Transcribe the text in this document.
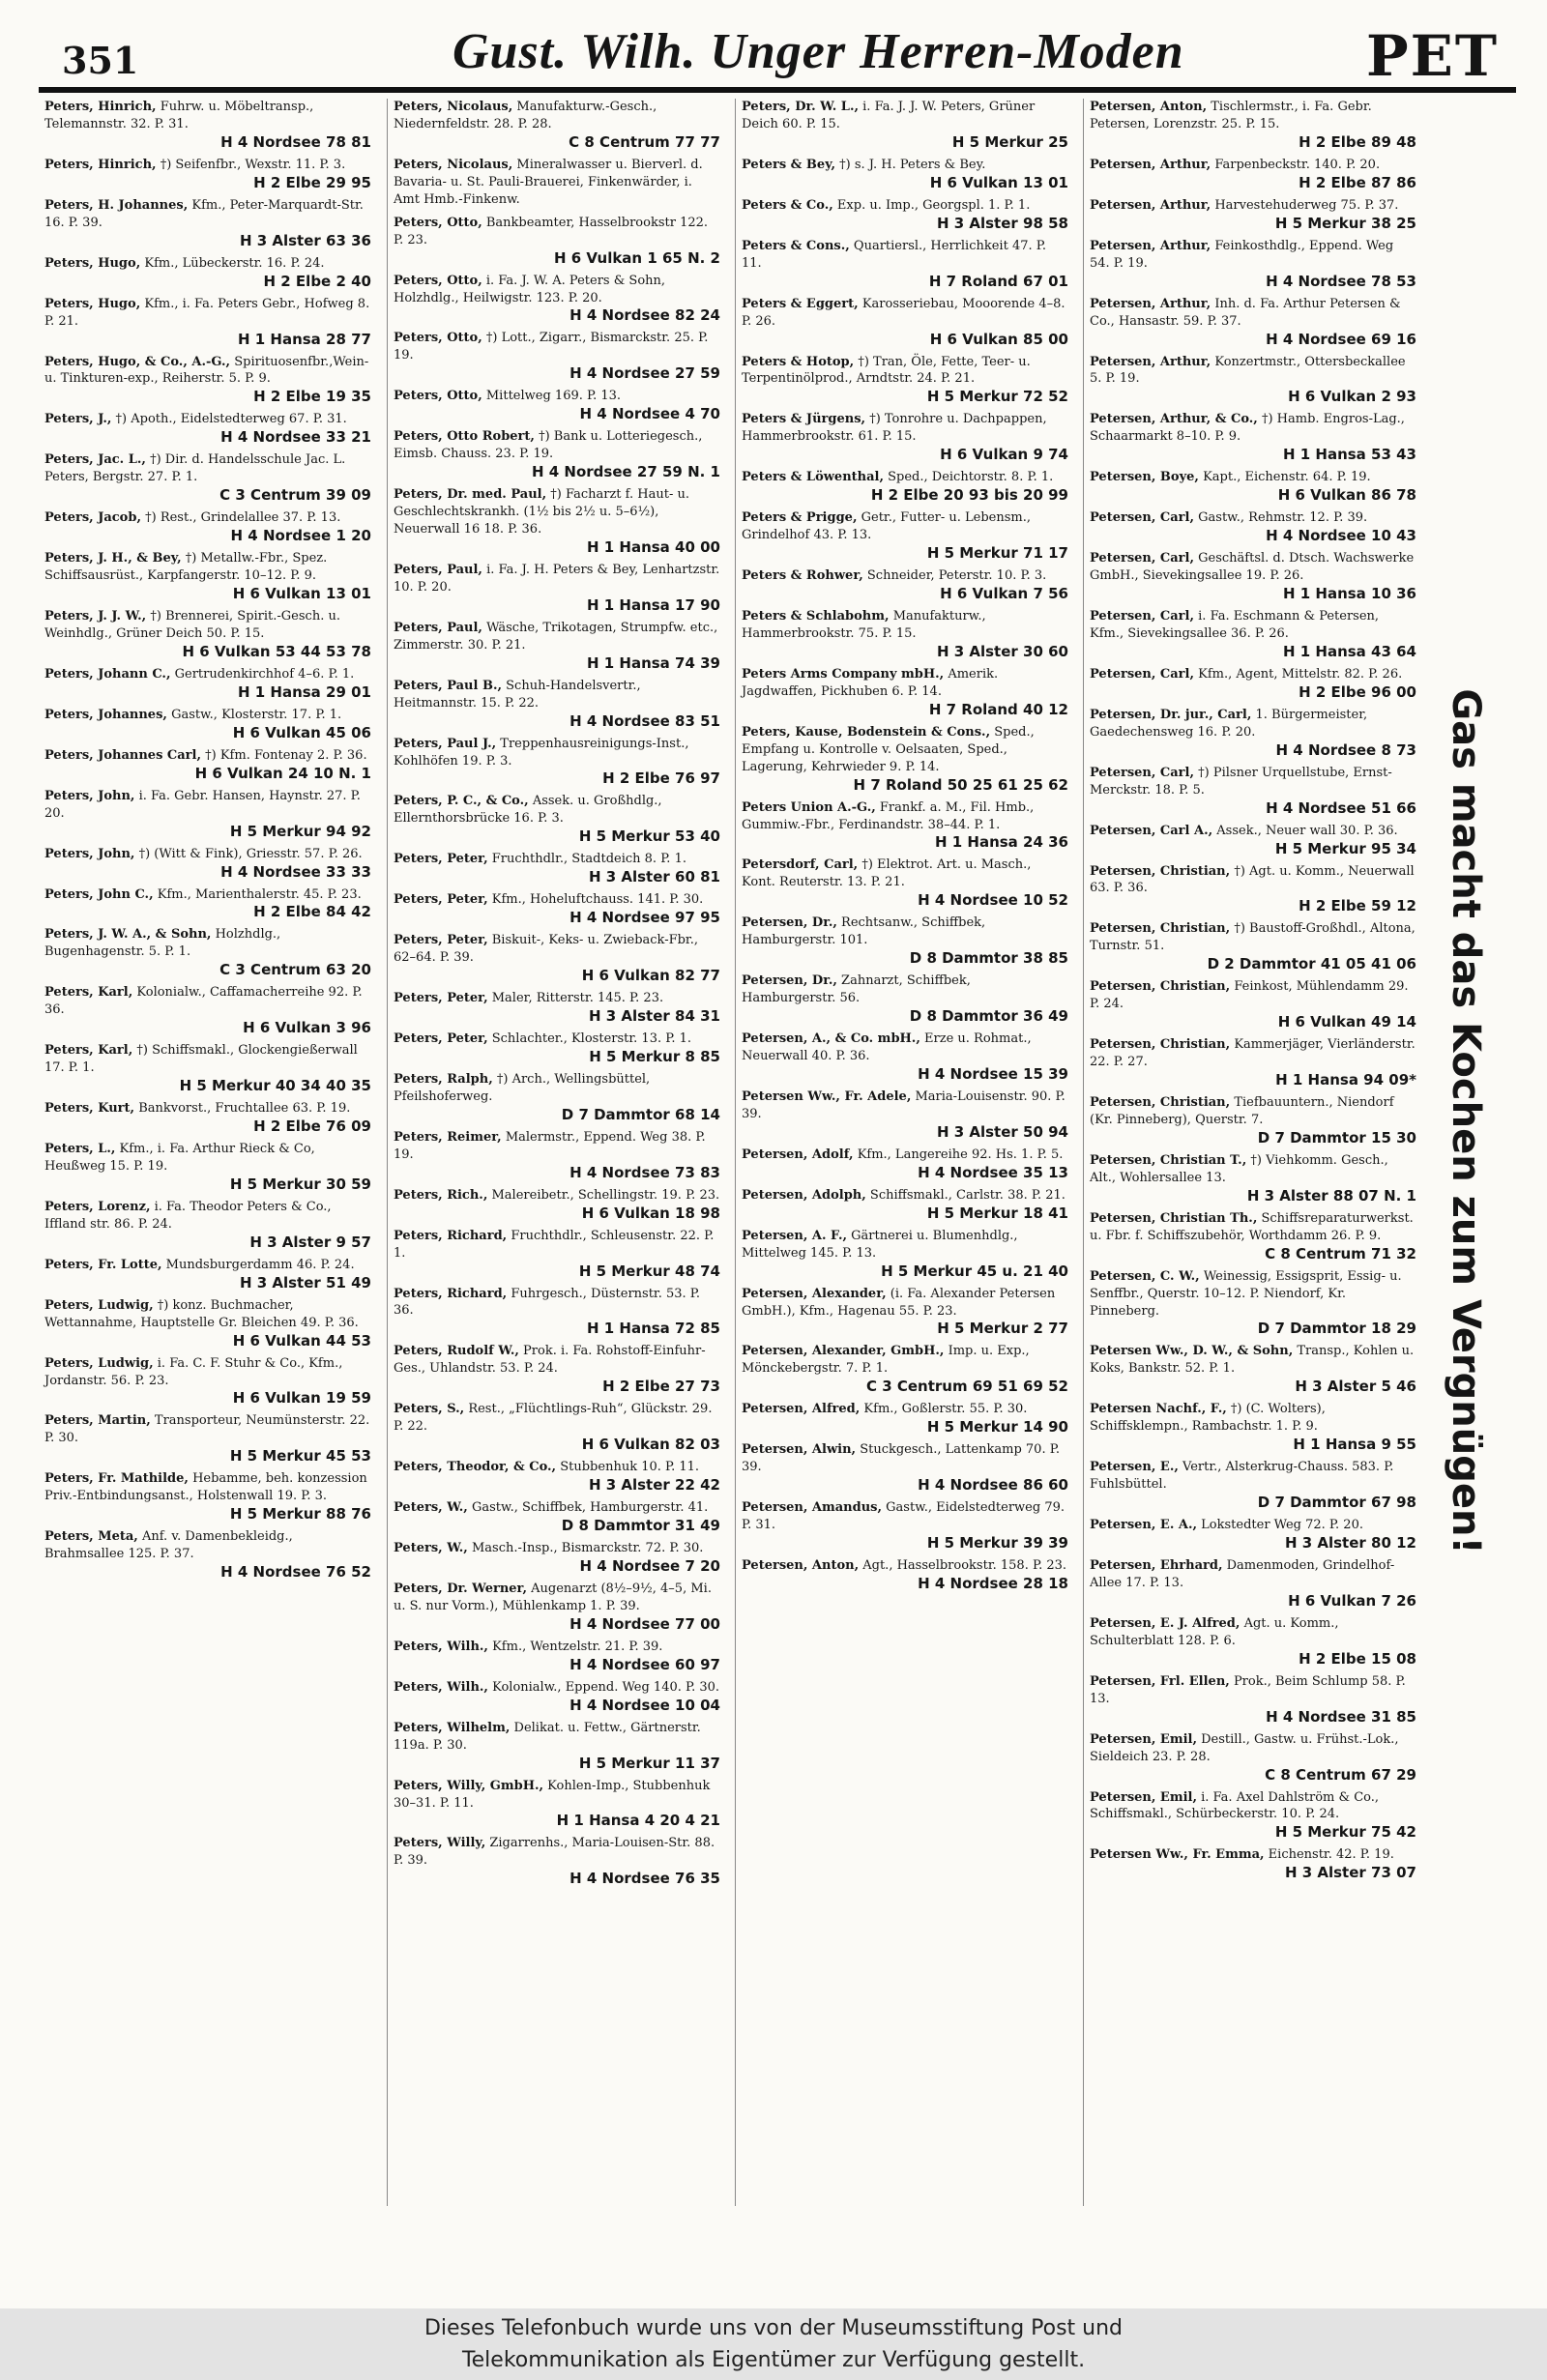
351	Gust. Wilh. Unger Herren-Moden	PET
Peters, Hinrich, Fuhrw. u. Möbeltransp., Telemannstr. 32. P. 31.
H 4 Nordsee 78 81
Peters, Hinrich, †) Seifenfbr., Wexstr. 11. P. 3.
H 2 Elbe 29 95
Peters, H. Johannes, Kfm., Peter-Marquardt-Str. 16. P. 39.
H 3 Alster 63 36
Peters, Hugo, Kfm., Lübeckerstr. 16. P. 24.
H 2 Elbe 2 40
Peters, Hugo, Kfm., i. Fa. Peters Gebr., Hofweg 8. P. 21.
H 1 Hansa 28 77
Peters, Hugo, & Co., A.-G., Spirituosenfbr.,Wein- u. Tinkturen-exp., Reiherstr. 5. P. 9.
H 2 Elbe 19 35
Peters, J., †) Apoth., Eidelstedterweg 67. P. 31.
H 4 Nordsee 33 21
Peters, Jac. L., †) Dir. d. Handelsschule Jac. L. Peters, Bergstr. 27. P. 1.
C 3 Centrum 39 09
Peters, Jacob, †) Rest., Grindelallee 37. P. 13.
H 4 Nordsee 1 20
Peters, J. H., & Bey, †) Metallw.-Fbr., Spez. Schiffsausrüst., Karpfangerstr. 10–12. P. 9.
H 6 Vulkan 13 01
Peters, J. J. W., †) Brennerei, Spirit.-Gesch. u. Weinhdlg., Grüner Deich 50. P. 15.
H 6 Vulkan 53 44 53 78
Peters, Johann C., Gertrudenkirchhof 4–6. P. 1.
H 1 Hansa 29 01
Peters, Johannes, Gastw., Klosterstr. 17. P. 1.
H 6 Vulkan 45 06
Peters, Johannes Carl, †) Kfm. Fontenay 2. P. 36.
H 6 Vulkan 24 10 N. 1
Peters, John, i. Fa. Gebr. Hansen, Haynstr. 27. P. 20.
H 5 Merkur 94 92
Peters, John, †) (Witt & Fink), Griesstr. 57. P. 26.
H 4 Nordsee 33 33
Peters, John C., Kfm., Marienthalerstr. 45. P. 23.
H 2 Elbe 84 42
Peters, J. W. A., & Sohn, Holzhdlg., Bugenhagenstr. 5. P. 1.
C 3 Centrum 63 20
Peters, Karl, Kolonialw., Caffamacherreihe 92. P. 36.
H 6 Vulkan 3 96
Peters, Karl, †) Schiffsmakl., Glockengießerwall 17. P. 1.
H 5 Merkur 40 34 40 35
Peters, Kurt, Bankvorst., Fruchtallee 63. P. 19.
H 2 Elbe 76 09
Peters, L., Kfm., i. Fa. Arthur Rieck & Co, Heußweg 15. P. 19.
H 5 Merkur 30 59
Peters, Lorenz, i. Fa. Theodor Peters & Co., Iffland str. 86. P. 24.
H 3 Alster 9 57
Peters, Fr. Lotte, Mundsburgerdamm 46. P. 24.
H 3 Alster 51 49
Peters, Ludwig, †) konz. Buchmacher, Wettannahme, Hauptstelle Gr. Bleichen 49. P. 36.
H 6 Vulkan 44 53
Peters, Ludwig, i. Fa. C. F. Stuhr & Co., Kfm., Jordanstr. 56. P. 23.
H 6 Vulkan 19 59
Peters, Martin, Transporteur, Neumünsterstr. 22. P. 30.
H 5 Merkur 45 53
Peters, Fr. Mathilde, Hebamme, beh. konzession Priv.-Entbindungsanst., Holstenwall 19. P. 3.
H 5 Merkur 88 76
Peters, Meta, Anf. v. Damenbekleidg., Brahmsallee 125. P. 37.
H 4 Nordsee 76 52
Peters, Nicolaus, Manufakturw.-Gesch., Niedernfeldstr. 28. P. 28.
C 8 Centrum 77 77
Peters, Nicolaus, Mineralwasser u. Bierverl. d. Bavaria- u. St. Pauli-Brauerei, Finkenwärder, i. Amt Hmb.-Finkenw.
Peters, Otto, Bankbeamter, Hasselbrookstr 122. P. 23.
H 6 Vulkan 1 65 N. 2
Peters, Otto, i. Fa. J. W. A. Peters & Sohn, Holzhdlg., Heilwigstr. 123. P. 20.
H 4 Nordsee 82 24
Peters, Otto, †) Lott., Zigarr., Bismarckstr. 25. P. 19.
H 4 Nordsee 27 59
Peters, Otto, Mittelweg 169. P. 13.
H 4 Nordsee 4 70
Peters, Otto Robert, †) Bank u. Lotteriegesch., Eimsb. Chauss. 23. P. 19.
H 4 Nordsee 27 59 N. 1
Peters, Dr. med. Paul, †) Facharzt f. Haut- u. Geschlechtskrankh. (1½ bis 2½ u. 5–6½), Neuerwall 16 18. P. 36.
H 1 Hansa 40 00
Peters, Paul, i. Fa. J. H. Peters & Bey, Lenhartzstr. 10. P. 20.
H 1 Hansa 17 90
Peters, Paul, Wäsche, Trikotagen, Strumpfw. etc., Zimmerstr. 30. P. 21.
H 1 Hansa 74 39
Peters, Paul B., Schuh-Handelsvertr., Heitmannstr. 15. P. 22.
H 4 Nordsee 83 51
Peters, Paul J., Treppenhausreinigungs-Inst., Kohlhöfen 19. P. 3.
H 2 Elbe 76 97
Peters, P. C., & Co., Assek. u. Großhdlg., Ellernthorsbrücke 16. P. 3.
H 5 Merkur 53 40
Peters, Peter, Fruchthdlr., Stadtdeich 8. P. 1.
H 3 Alster 60 81
Peters, Peter, Kfm., Hoheluftchauss. 141. P. 30.
H 4 Nordsee 97 95
Peters, Peter, Biskuit-, Keks- u. Zwieback-Fbr., 62–64. P. 39.
H 6 Vulkan 82 77
Peters, Peter, Maler, Ritterstr. 145. P. 23.
H 3 Alster 84 31
Peters, Peter, Schlachter., Klosterstr. 13. P. 1.
H 5 Merkur 8 85
Peters, Ralph, †) Arch., Wellingsbüttel, Pfeilshoferweg.
D 7 Dammtor 68 14
Peters, Reimer, Malermstr., Eppend. Weg 38. P. 19.
H 4 Nordsee 73 83
Peters, Rich., Malereibetr., Schellingstr. 19. P. 23.
H 6 Vulkan 18 98
Peters, Richard, Fruchthdlr., Schleusenstr. 22. P. 1.
H 5 Merkur 48 74
Peters, Richard, Fuhrgesch., Düsternstr. 53. P. 36.
H 1 Hansa 72 85
Peters, Rudolf W., Prok. i. Fa. Rohstoff-Einfuhr-Ges., Uhlandstr. 53. P. 24.
H 2 Elbe 27 73
Peters, S., Rest., „Flüchtlings-Ruh“, Glückstr. 29. P. 22.
H 6 Vulkan 82 03
Peters, Theodor, & Co., Stubbenhuk 10. P. 11.
H 3 Alster 22 42
Peters, W., Gastw., Schiffbek, Hamburgerstr. 41.
D 8 Dammtor 31 49
Peters, W., Masch.-Insp., Bismarckstr. 72. P. 30.
H 4 Nordsee 7 20
Peters, Dr. Werner, Augenarzt (8½–9½, 4–5, Mi. u. S. nur Vorm.), Mühlenkamp 1. P. 39.
H 4 Nordsee 77 00
Peters, Wilh., Kfm., Wentzelstr. 21. P. 39.
H 4 Nordsee 60 97
Peters, Wilh., Kolonialw., Eppend. Weg 140. P. 30.
H 4 Nordsee 10 04
Peters, Wilhelm, Delikat. u. Fettw., Gärtnerstr. 119a. P. 30.
H 5 Merkur 11 37
Peters, Willy, GmbH., Kohlen-Imp., Stubbenhuk 30–31. P. 11.
H 1 Hansa 4 20 4 21
Peters, Willy, Zigarrenhs., Maria-Louisen-Str. 88. P. 39.
H 4 Nordsee 76 35
Peters, Dr. W. L., i. Fa. J. J. W. Peters, Grüner Deich 60. P. 15.
H 5 Merkur 25
Peters & Bey, †) s. J. H. Peters & Bey.
H 6 Vulkan 13 01
Peters & Co., Exp. u. Imp., Georgspl. 1. P. 1.
H 3 Alster 98 58
Peters & Cons., Quartiersl., Herrlichkeit 47. P. 11.
H 7 Roland 67 01
Peters & Eggert, Karosseriebau, Mooorende 4–8. P. 26.
H 6 Vulkan 85 00
Peters & Hotop, †) Tran, Öle, Fette, Teer- u. Terpentinölprod., Arndtstr. 24. P. 21.
H 5 Merkur 72 52
Peters & Jürgens, †) Tonrohre u. Dachpappen, Hammerbrookstr. 61. P. 15.
H 6 Vulkan 9 74
Peters & Löwenthal, Sped., Deichtorstr. 8. P. 1.
H 2 Elbe 20 93 bis 20 99
Peters & Prigge, Getr., Futter- u. Lebensm., Grindelhof 43. P. 13.
H 5 Merkur 71 17
Peters & Rohwer, Schneider, Peterstr. 10. P. 3.
H 6 Vulkan 7 56
Peters & Schlabohm, Manufakturw., Hammerbrookstr. 75. P. 15.
H 3 Alster 30 60
Peters Arms Company mbH., Amerik. Jagdwaffen, Pickhuben 6. P. 14.
H 7 Roland 40 12
Peters, Kause, Bodenstein & Cons., Sped., Empfang u. Kontrolle v. Oelsaaten, Sped., Lagerung, Kehrwieder 9. P. 14.
H 7 Roland 50 25 61 25 62
Peters Union A.-G., Frankf. a. M., Fil. Hmb., Gummiw.-Fbr., Ferdinandstr. 38–44. P. 1.
H 1 Hansa 24 36
Petersdorf, Carl, †) Elektrot. Art. u. Masch., Kont. Reuterstr. 13. P. 21.
H 4 Nordsee 10 52
Petersen, Dr., Rechtsanw., Schiffbek, Hamburgerstr. 101.
D 8 Dammtor 38 85
Petersen, Dr., Zahnarzt, Schiffbek, Hamburgerstr. 56.
D 8 Dammtor 36 49
Petersen, A., & Co. mbH., Erze u. Rohmat., Neuerwall 40. P. 36.
H 4 Nordsee 15 39
Petersen Ww., Fr. Adele, Maria-Louisenstr. 90. P. 39.
H 3 Alster 50 94
Petersen, Adolf, Kfm., Langereihe 92. Hs. 1. P. 5.
H 4 Nordsee 35 13
Petersen, Adolph, Schiffsmakl., Carlstr. 38. P. 21.
H 5 Merkur 18 41
Petersen, A. F., Gärtnerei u. Blumenhdlg., Mittelweg 145. P. 13.
H 5 Merkur 45 u. 21 40
Petersen, Alexander, (i. Fa. Alexander Petersen GmbH.), Kfm., Hagenau 55. P. 23.
H 5 Merkur 2 77
Petersen, Alexander, GmbH., Imp. u. Exp., Mönckebergstr. 7. P. 1.
C 3 Centrum 69 51 69 52
Petersen, Alfred, Kfm., Goßlerstr. 55. P. 30.
H 5 Merkur 14 90
Petersen, Alwin, Stuckgesch., Lattenkamp 70. P. 39.
H 4 Nordsee 86 60
Petersen, Amandus, Gastw., Eidelstedterweg 79. P. 31.
H 5 Merkur 39 39
Petersen, Anton, Agt., Hasselbrookstr. 158. P. 23.
H 4 Nordsee 28 18
Petersen, Anton, Tischlermstr., i. Fa. Gebr. Petersen, Lorenzstr. 25. P. 15.
H 2 Elbe 89 48
Petersen, Arthur, Farpenbeckstr. 140. P. 20.
H 2 Elbe 87 86
Petersen, Arthur, Harvestehuderweg 75. P. 37.
H 5 Merkur 38 25
Petersen, Arthur, Feinkosthdlg., Eppend. Weg 54. P. 19.
H 4 Nordsee 78 53
Petersen, Arthur, Inh. d. Fa. Arthur Petersen & Co., Hansastr. 59. P. 37.
H 4 Nordsee 69 16
Petersen, Arthur, Konzertmstr., Ottersbeckallee 5. P. 19.
H 6 Vulkan 2 93
Petersen, Arthur, & Co., †) Hamb. Engros-Lag., Schaarmarkt 8–10. P. 9.
H 1 Hansa 53 43
Petersen, Boye, Kapt., Eichenstr. 64. P. 19.
H 6 Vulkan 86 78
Petersen, Carl, Gastw., Rehmstr. 12. P. 39.
H 4 Nordsee 10 43
Petersen, Carl, Geschäftsl. d. Dtsch. Wachswerke GmbH., Sievekingsallee 19. P. 26.
H 1 Hansa 10 36
Petersen, Carl, i. Fa. Eschmann & Petersen, Kfm., Sievekingsallee 36. P. 26.
H 1 Hansa 43 64
Petersen, Carl, Kfm., Agent, Mittelstr. 82. P. 26.
H 2 Elbe 96 00
Petersen, Dr. jur., Carl, 1. Bürgermeister, Gaedechensweg 16. P. 20.
H 4 Nordsee 8 73
Petersen, Carl, †) Pilsner Urquellstube, Ernst-Merckstr. 18. P. 5.
H 4 Nordsee 51 66
Petersen, Carl A., Assek., Neuer wall 30. P. 36.
H 5 Merkur 95 34
Petersen, Christian, †) Agt. u. Komm., Neuerwall 63. P. 36.
H 2 Elbe 59 12
Petersen, Christian, †) Baustoff-Großhdl., Altona, Turnstr. 51.
D 2 Dammtor 41 05 41 06
Petersen, Christian, Feinkost, Mühlendamm 29. P. 24.
H 6 Vulkan 49 14
Petersen, Christian, Kammerjäger, Vierländerstr. 22. P. 27.
H 1 Hansa 94 09*
Petersen, Christian, Tiefbauuntern., Niendorf (Kr. Pinneberg), Querstr. 7.
D 7 Dammtor 15 30
Petersen, Christian T., †) Viehkomm. Gesch., Alt., Wohlersallee 13.
H 3 Alster 88 07 N. 1
Petersen, Christian Th., Schiffsreparaturwerkst. u. Fbr. f. Schiffszubehör, Worthdamm 26. P. 9.
C 8 Centrum 71 32
Petersen, C. W., Weinessig, Essigsprit, Essig- u. Senffbr., Querstr. 10–12. P. Niendorf, Kr. Pinneberg.
D 7 Dammtor 18 29
Petersen Ww., D. W., & Sohn, Transp., Kohlen u. Koks, Bankstr. 52. P. 1.
H 3 Alster 5 46
Petersen Nachf., F., †) (C. Wolters), Schiffsklempn., Rambachstr. 1. P. 9.
H 1 Hansa 9 55
Petersen, E., Vertr., Alsterkrug-Chauss. 583. P. Fuhlsbüttel.
D 7 Dammtor 67 98
Petersen, E. A., Lokstedter Weg 72. P. 20.
H 3 Alster 80 12
Petersen, Ehrhard, Damenmoden, Grindelhof-Allee 17. P. 13.
H 6 Vulkan 7 26
Petersen, E. J. Alfred, Agt. u. Komm., Schulterblatt 128. P. 6.
H 2 Elbe 15 08
Petersen, Frl. Ellen, Prok., Beim Schlump 58. P. 13.
H 4 Nordsee 31 85
Petersen, Emil, Destill., Gastw. u. Frühst.-Lok., Sieldeich 23. P. 28.
C 8 Centrum 67 29
Petersen, Emil, i. Fa. Axel Dahlström & Co., Schiffsmakl., Schürbeckerstr. 10. P. 24.
H 5 Merkur 75 42
Petersen Ww., Fr. Emma, Eichenstr. 42. P. 19.
H 3 Alster 73 07
Gas macht das Kochen zum Vergnügen!
Dieses Telefonbuch wurde uns von der Museumsstiftung Post und
Telekommunikation als Eigentümer zur Verfügung gestellt.
